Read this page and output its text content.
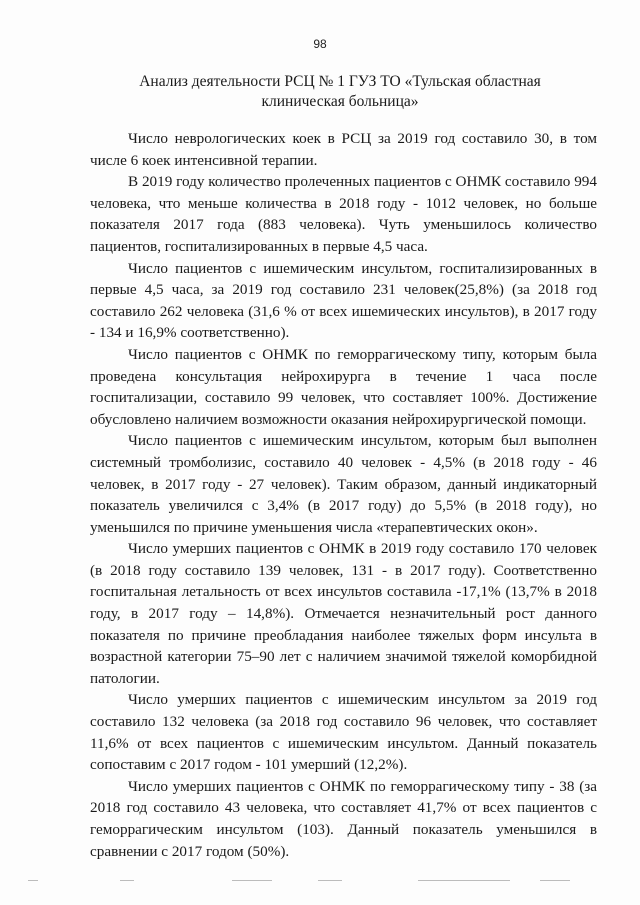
98
Анализ деятельности РСЦ № 1 ГУЗ ТО «Тульская областная
клиническая больница»

Число неврологических коек в РСЦ за 2019 год составило 30, в том числе 6 коек интенсивной терапии.

В 2019 году количество пролеченных пациентов с ОНМК составило 994 человека, что меньше количества в 2018 году - 1012 человек, но больше показателя 2017 года (883 человека). Чуть уменьшилось количество пациентов, госпитализированных в первые 4,5 часа.

Число пациентов с ишемическим инсультом, госпитализированных в первые 4,5 часа, за 2019 год составило 231 человек(25,8%) (за 2018 год составило 262 человека (31,6 % от всех ишемических инсультов), в 2017 году - 134 и 16,9% соответственно).

Число пациентов с ОНМК по геморрагическому типу, которым была проведена консультация нейрохирурга в течение 1 часа после госпитализации, составило 99 человек, что составляет 100%. Достижение обусловлено наличием возможности оказания нейрохирургической помощи.

Число пациентов с ишемическим инсультом, которым был выполнен системный тромболизис, составило 40 человек - 4,5% (в 2018 году - 46 человек, в 2017 году - 27 человек). Таким образом, данный индикаторный показатель увеличился с 3,4% (в 2017 году) до 5,5% (в 2018 году), но уменьшился по причине уменьшения числа «терапевтических окон».

Число умерших пациентов с ОНМК в 2019 году составило 170 человек (в 2018 году составило 139 человек, 131 - в 2017 году). Соответственно госпитальная летальность от всех инсультов составила -17,1% (13,7% в 2018 году, в 2017 году – 14,8%). Отмечается незначительный рост данного показателя по причине преобладания наиболее тяжелых форм инсульта в возрастной категории 75–90 лет с наличием значимой тяжелой коморбидной патологии.

Число умерших пациентов с ишемическим инсультом за 2019 год составило 132 человека (за 2018 год составило 96 человек, что составляет 11,6% от всех пациентов с ишемическим инсультом. Данный показатель сопоставим с 2017 годом - 101 умерший (12,2%).

Число умерших пациентов с ОНМК по геморрагическому типу - 38 (за 2018 год составило 43 человека, что составляет 41,7% от всех пациентов с геморрагическим инсультом (103). Данный показатель уменьшился в сравнении с 2017 годом (50%).
